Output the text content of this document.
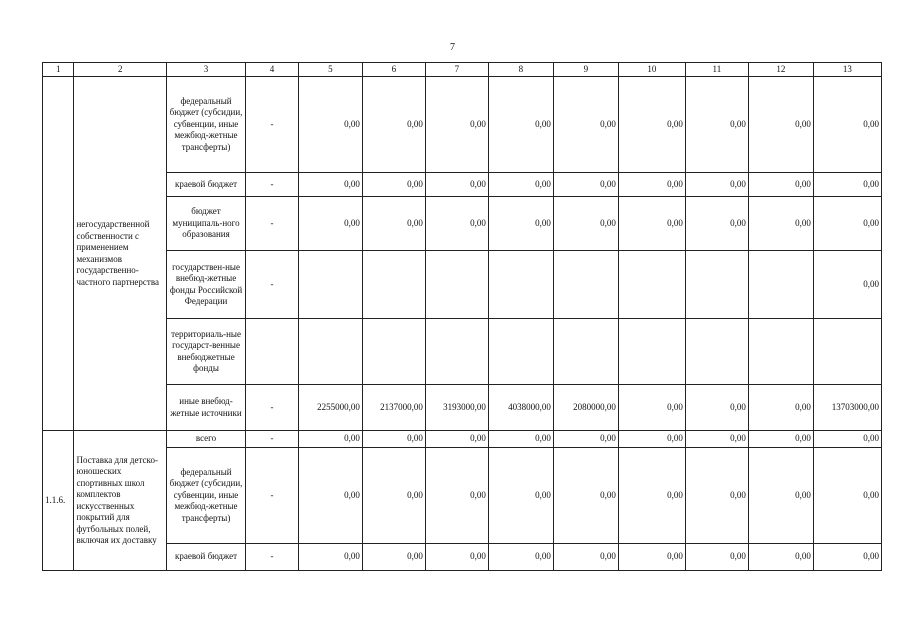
7
1	2	3	4	5	6	7	8	9	10	11	12	13
	негосударственной собственности с применением механизмов государственно-частного партнерства	федеральный бюджет (субсидии, субвенции, иные межбюд-жетные трансферты)	-	0,00	0,00	0,00	0,00	0,00	0,00	0,00	0,00	0,00
		краевой бюджет	-	0,00	0,00	0,00	0,00	0,00	0,00	0,00	0,00	0,00
		бюджет муниципаль-ного образования	-	0,00	0,00	0,00	0,00	0,00	0,00	0,00	0,00	0,00
		государствен-ные внебюд-жетные фонды Российской Федерации	-									0,00
		территориаль-ные государст-венные внебюджетные фонды										
		иные внебюд-жетные источники	-	2255000,00	2137000,00	3193000,00	4038000,00	2080000,00	0,00	0,00	0,00	13703000,00
1.1.6.	Поставка для детско-юношеских спортивных школ комплектов искусственных покрытий для футбольных полей, включая их доставку	всего	-	0,00	0,00	0,00	0,00	0,00	0,00	0,00	0,00	0,00
		федеральный бюджет (субсидии, субвенции, иные межбюд-жетные трансферты)	-	0,00	0,00	0,00	0,00	0,00	0,00	0,00	0,00	0,00
		краевой бюджет	-	0,00	0,00	0,00	0,00	0,00	0,00	0,00	0,00	0,00
